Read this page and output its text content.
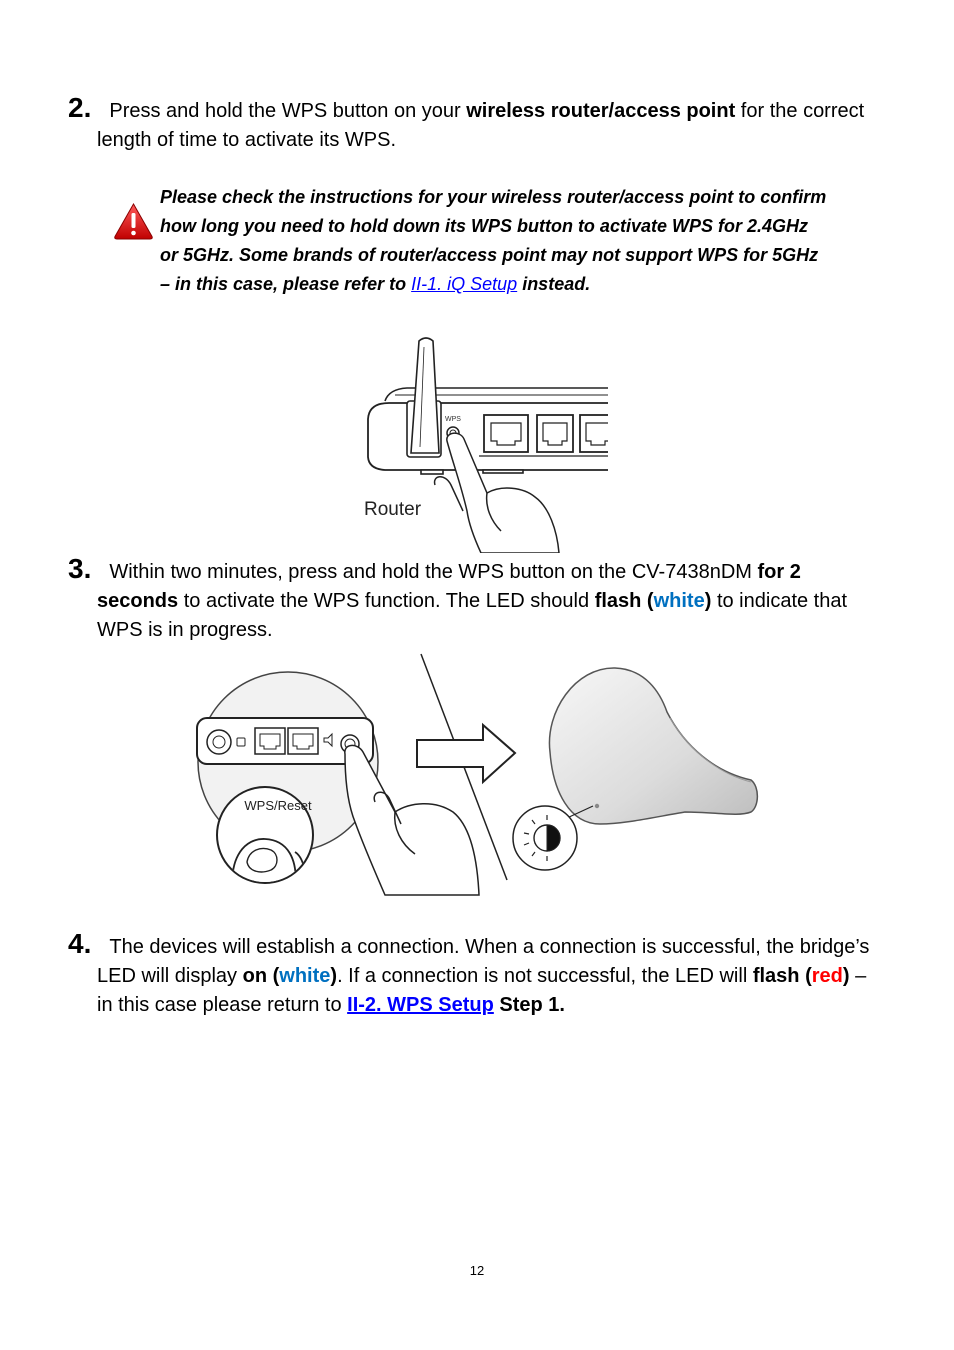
2. Press and hold the WPS button on your wireless router/access point for the correct length of time to activate its WPS.
Please check the instructions for your wireless router/access point to confirm how long you need to hold down its WPS button to activate WPS for 2.4GHz or 5GHz. Some brands of router/access point may not support WPS for 5GHz – in this case, please refer to II-1. iQ Setup instead.
WPS
Router
3. Within two minutes, press and hold the WPS button on the CV-7438nDM for 2 seconds to activate the WPS function. The LED should flash (white) to indicate that WPS is in progress.
WPS/Reset
4. The devices will establish a connection. When a connection is successful, the bridge’s LED will display on (white). If a connection is not successful, the LED will flash (red) – in this case please return to II-2. WPS Setup Step 1.
12
